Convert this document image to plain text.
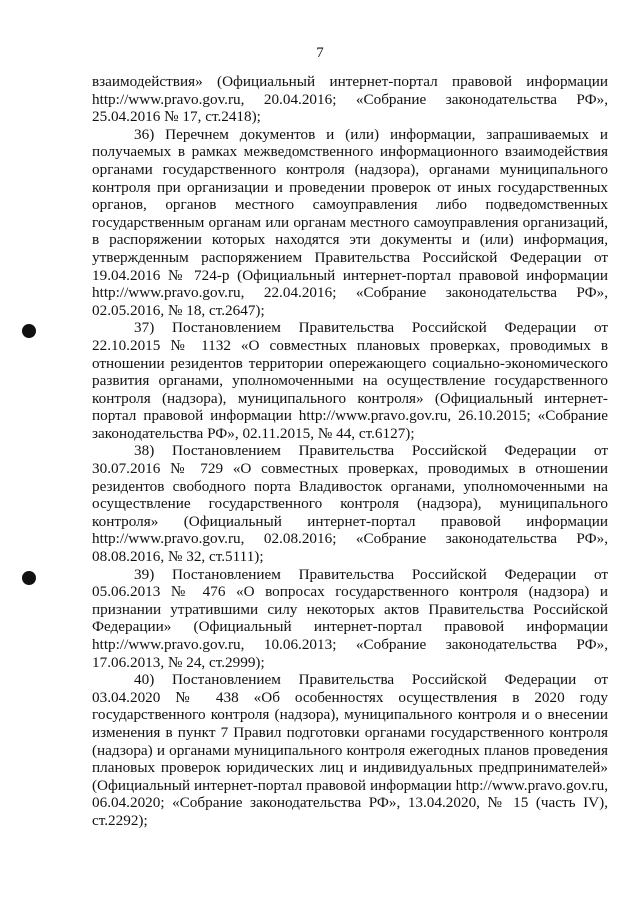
7

взаимодействия» (Официальный интернет-портал правовой информации http://www.pravo.gov.ru, 20.04.2016; «Собрание законодательства РФ», 25.04.2016 № 17, ст.2418);

36) Перечнем документов и (или) информации, запрашиваемых и получаемых в рамках межведомственного информационного взаимодействия органами государственного контроля (надзора), органами муниципального контроля при организации и проведении проверок от иных государственных органов, органов местного самоуправления либо подведомственных государственным органам или органам местного самоуправления организаций, в распоряжении которых находятся эти документы и (или) информация, утвержденным распоряжением Правительства Российской Федерации от 19.04.2016 № 724-р (Официальный интернет-портал правовой информации http://www.pravo.gov.ru, 22.04.2016; «Собрание законодательства РФ», 02.05.2016, № 18, ст.2647);

37) Постановлением Правительства Российской Федерации от 22.10.2015 № 1132 «О совместных плановых проверках, проводимых в отношении резидентов территории опережающего социально-экономического развития органами, уполномоченными на осуществление государственного контроля (надзора), муниципального контроля» (Официальный интернет-портал правовой информации http://www.pravo.gov.ru, 26.10.2015; «Собрание законодательства РФ», 02.11.2015, № 44, ст.6127);

38) Постановлением Правительства Российской Федерации от 30.07.2016 № 729 «О совместных проверках, проводимых в отношении резидентов свободного порта Владивосток органами, уполномоченными на осуществление государственного контроля (надзора), муниципального контроля» (Официальный интернет-портал правовой информации http://www.pravo.gov.ru, 02.08.2016; «Собрание законодательства РФ», 08.08.2016, № 32, ст.5111);

39) Постановлением Правительства Российской Федерации от 05.06.2013 № 476 «О вопросах государственного контроля (надзора) и признании утратившими силу некоторых актов Правительства Российской Федерации» (Официальный интернет-портал правовой информации http://www.pravo.gov.ru, 10.06.2013; «Собрание законодательства РФ», 17.06.2013, № 24, ст.2999);

40) Постановлением Правительства Российской Федерации от 03.04.2020 № 438 «Об особенностях осуществления в 2020 году государственного контроля (надзора), муниципального контроля и о внесении изменения в пункт 7 Правил подготовки органами государственного контроля (надзора) и органами муниципального контроля ежегодных планов проведения плановых проверок юридических лиц и индивидуальных предпринимателей» (Официальный интернет-портал правовой информации http://www.pravo.gov.ru, 06.04.2020; «Собрание законодательства РФ», 13.04.2020, № 15 (часть IV), ст.2292);
